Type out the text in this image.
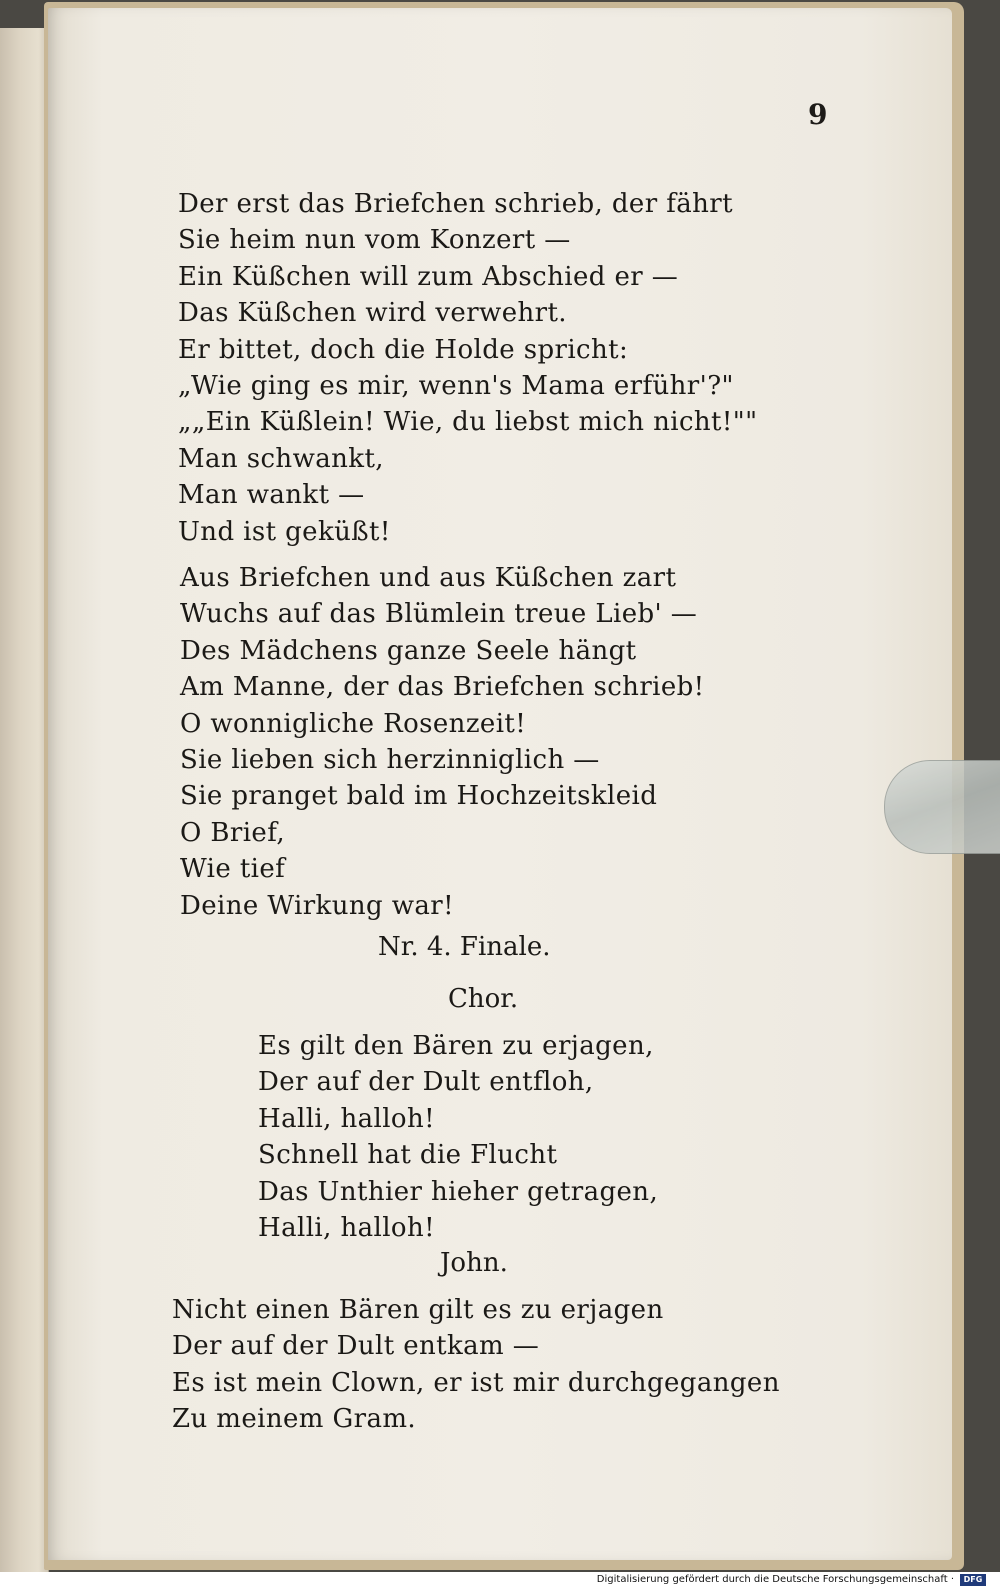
9
Der erst das Briefchen schrieb, der fährt
Sie heim nun vom Konzert —
Ein Küßchen will zum Abschied er —
Das Küßchen wird verwehrt.
Er bittet, doch die Holde spricht:
„Wie ging es mir, wenn's Mama erführ'?"
„„Ein Küßlein! Wie, du liebst mich nicht!""
Man schwankt,
Man wankt —
Und ist geküßt!
Aus Briefchen und aus Küßchen zart
Wuchs auf das Blümlein treue Lieb' —
Des Mädchens ganze Seele hängt
Am Manne, der das Briefchen schrieb!
O wonnigliche Rosenzeit!
Sie lieben sich herzinniglich —
Sie pranget bald im Hochzeitskleid
O Brief,
Wie tief
Deine Wirkung war!
Nr. 4. Finale.
Chor.
Es gilt den Bären zu erjagen,
Der auf der Dult entfloh,
Halli, halloh!
Schnell hat die Flucht
Das Unthier hieher getragen,
Halli, halloh!
John.
Nicht einen Bären gilt es zu erjagen
Der auf der Dult entkam —
Es ist mein Clown, er ist mir durchgegangen
Zu meinem Gram.
Digitalisierung gefördert durch die Deutsche Forschungsgemeinschaft ·	DFG
